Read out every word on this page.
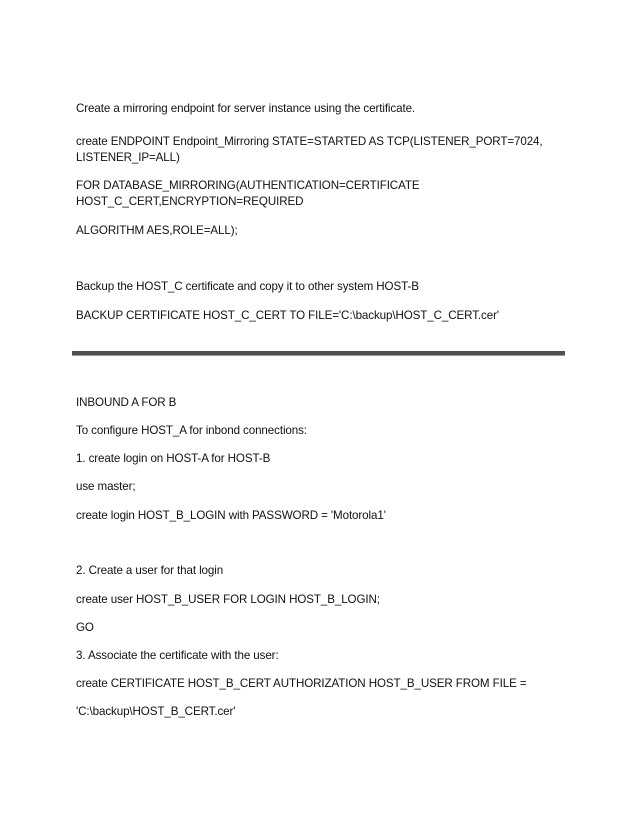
Create a mirroring endpoint for server instance using the certificate.
create ENDPOINT Endpoint_Mirroring STATE=STARTED AS TCP(LISTENER_PORT=7024,
LISTENER_IP=ALL)
FOR DATABASE_MIRRORING(AUTHENTICATION=CERTIFICATE
HOST_C_CERT,ENCRYPTION=REQUIRED
ALGORITHM AES,ROLE=ALL);
Backup the HOST_C certificate and copy it to other system HOST-B
BACKUP CERTIFICATE HOST_C_CERT TO FILE='C:\backup\HOST_C_CERT.cer'
INBOUND A FOR B
To configure HOST_A for inbond connections:
1. create login on HOST-A for HOST-B
use master;
create login HOST_B_LOGIN with PASSWORD = 'Motorola1'
2. Create a user for that login
create user HOST_B_USER FOR LOGIN HOST_B_LOGIN;
GO
3. Associate the certificate with the user:
create CERTIFICATE HOST_B_CERT AUTHORIZATION HOST_B_USER FROM FILE =
'C:\backup\HOST_B_CERT.cer'
